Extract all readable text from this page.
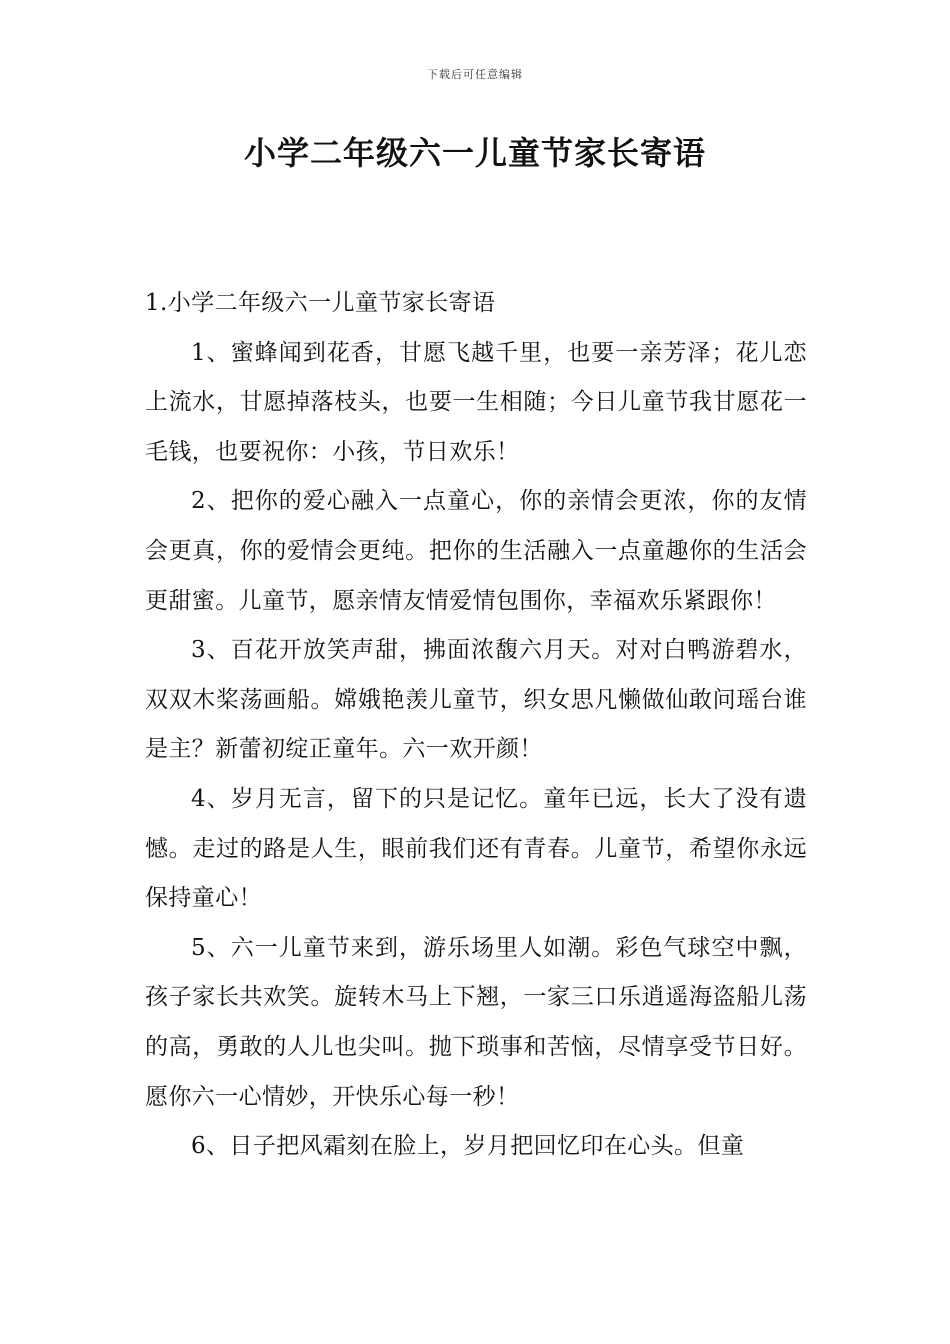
下载后可任意编辑
小学二年级六一儿童节家长寄语

1.小学二年级六一儿童节家长寄语

1、蜜蜂闻到花香，甘愿飞越千里，也要一亲芳泽；花儿恋上流水，甘愿掉落枝头，也要一生相随；今日儿童节我甘愿花一毛钱，也要祝你：小孩，节日欢乐！

2、把你的爱心融入一点童心，你的亲情会更浓，你的友情会更真，你的爱情会更纯。把你的生活融入一点童趣你的生活会更甜蜜。儿童节，愿亲情友情爱情包围你，幸福欢乐紧跟你！

3、百花开放笑声甜，拂面浓馥六月天。对对白鸭游碧水，双双木桨荡画船。嫦娥艳羡儿童节，织女思凡懒做仙敢问瑶台谁是主？新蕾初绽正童年。六一欢开颜！

4、岁月无言，留下的只是记忆。童年已远，长大了没有遗憾。走过的路是人生，眼前我们还有青春。儿童节，希望你永远保持童心！

5、六一儿童节来到，游乐场里人如潮。彩色气球空中飘，孩子家长共欢笑。旋转木马上下翘，一家三口乐逍遥海盗船儿荡的高，勇敢的人儿也尖叫。抛下琐事和苦恼，尽情享受节日好。愿你六一心情妙，开快乐心每一秒！

6、日子把风霜刻在脸上，岁月把回忆印在心头。但童
